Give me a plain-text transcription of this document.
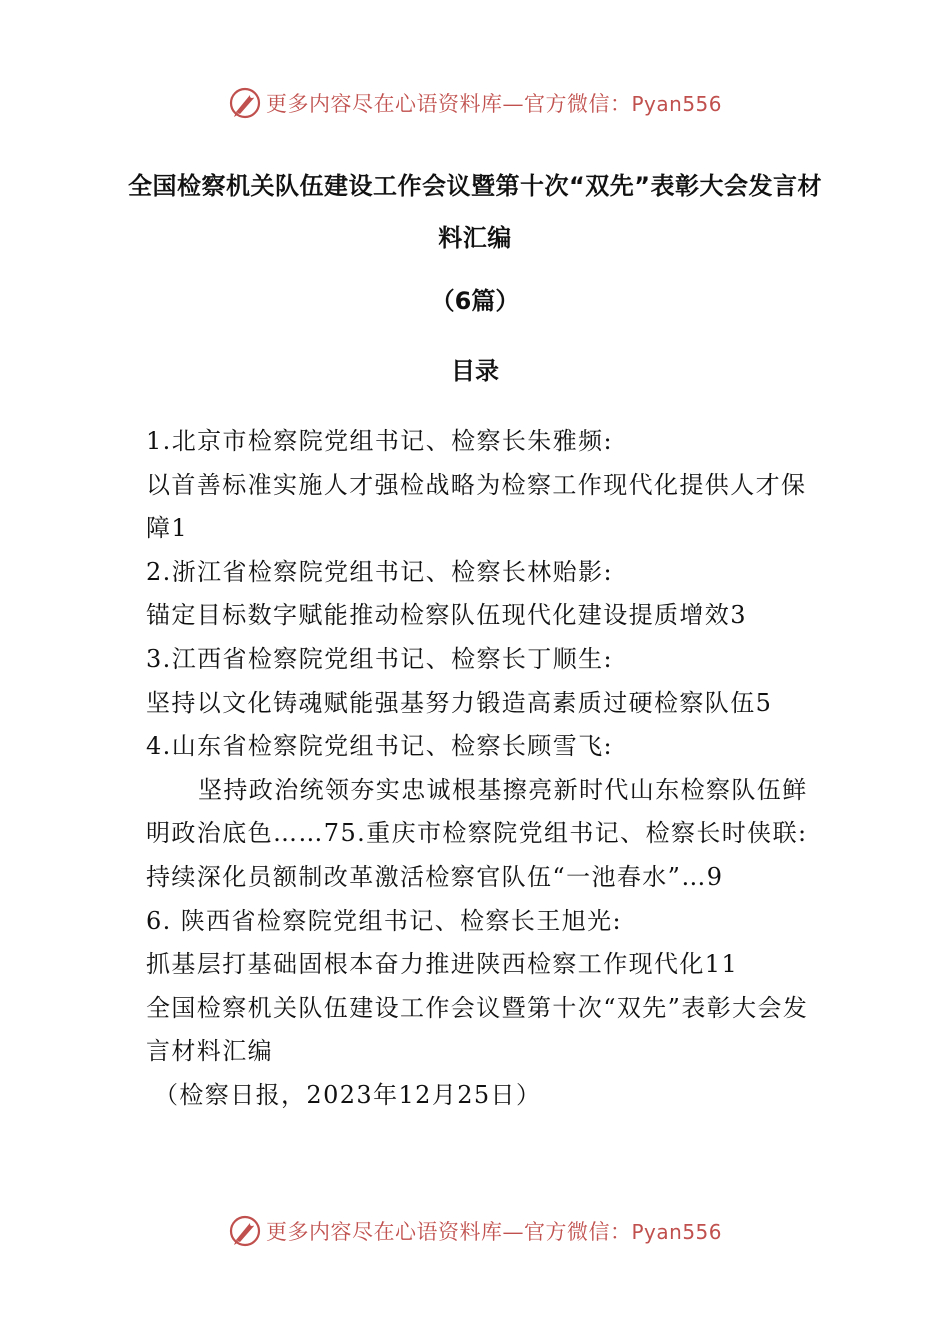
更多内容尽在心语资料库—官方微信：Pyan556
全国检察机关队伍建设工作会议暨第十次“双先”表彰大会发言材料汇编

（6篇）

目录
1.北京市检察院党组书记、检察长朱雅频:
以首善标准实施人才强检战略为检察工作现代化提供人才保障1
2.浙江省检察院党组书记、检察长林贻影:
锚定目标数字赋能推动检察队伍现代化建设提质增效3
3.江西省检察院党组书记、检察长丁顺生:
坚持以文化铸魂赋能强基努力锻造高素质过硬检察队伍5
4.山东省检察院党组书记、检察长顾雪飞:
坚持政治统领夯实忠诚根基擦亮新时代山东检察队伍鲜明政治底色……75.重庆市检察院党组书记、检察长时侠联:
持续深化员额制改革激活检察官队伍“一池春水”…9
6. 陕西省检察院党组书记、检察长王旭光:
抓基层打基础固根本奋力推进陕西检察工作现代化11
全国检察机关队伍建设工作会议暨第十次“双先”表彰大会发言材料汇编
（检察日报，2023年12月25日）
更多内容尽在心语资料库—官方微信：Pyan556
